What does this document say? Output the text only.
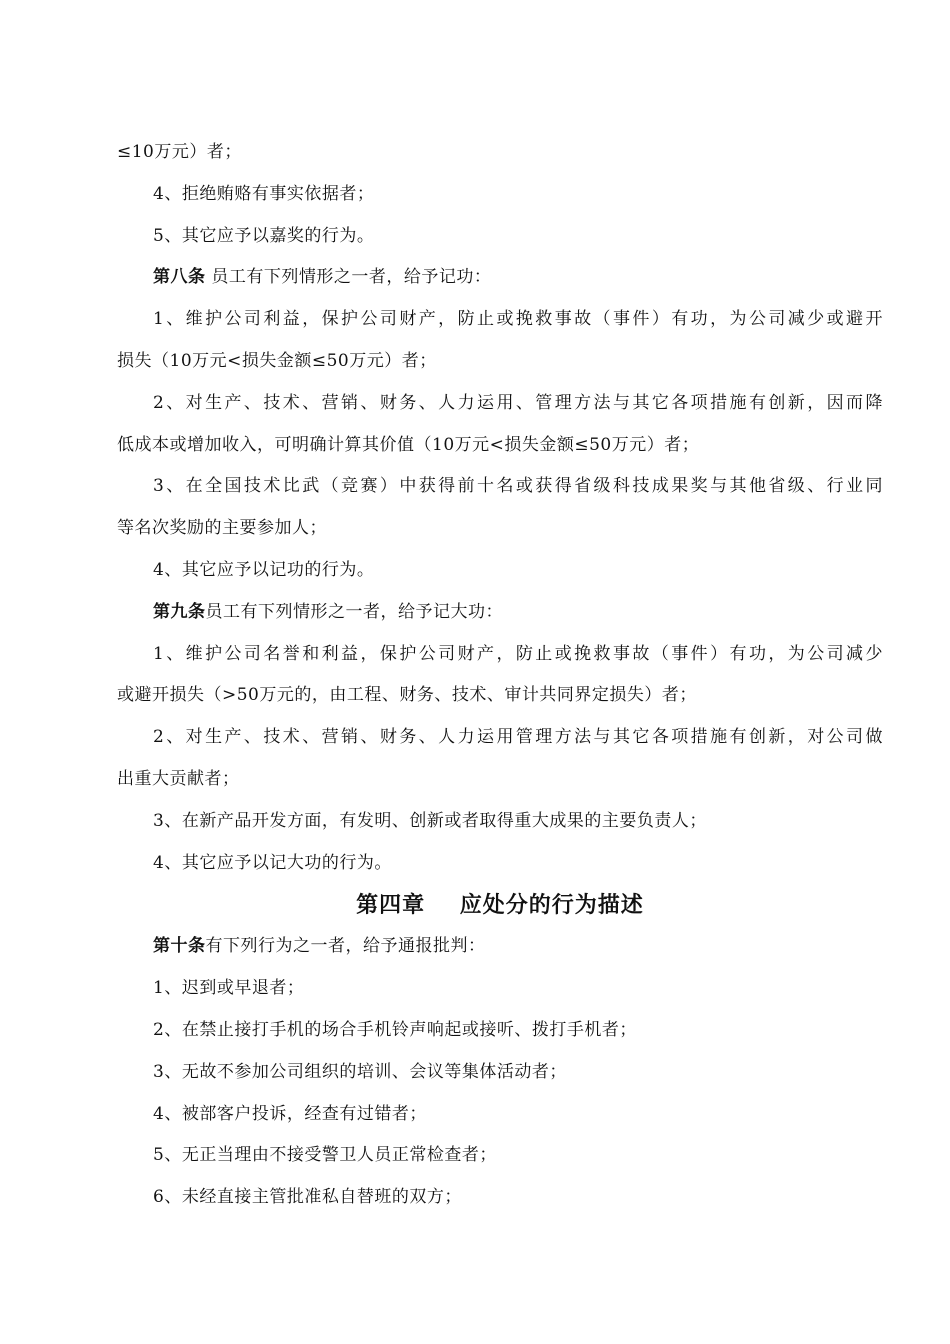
≤10万元）者；
4、拒绝贿赂有事实依据者；
5、其它应予以嘉奖的行为。
第八条 员工有下列情形之一者，给予记功：
1、维护公司利益，保护公司财产，防止或挽救事故（事件）有功，为公司减少或避开
损失（10万元<损失金额≤50万元）者；
2、对生产、技术、营销、财务、人力运用、管理方法与其它各项措施有创新，因而降
低成本或增加收入，可明确计算其价值（10万元<损失金额≤50万元）者；
3、在全国技术比武（竞赛）中获得前十名或获得省级科技成果奖与其他省级、行业同
等名次奖励的主要参加人；
4、其它应予以记功的行为。
第九条员工有下列情形之一者，给予记大功：
1、维护公司名誉和利益，保护公司财产，防止或挽救事故（事件）有功，为公司减少
或避开损失（>50万元的，由工程、财务、技术、审计共同界定损失）者；
2、对生产、技术、营销、财务、人力运用管理方法与其它各项措施有创新，对公司做
出重大贡献者；
3、在新产品开发方面，有发明、创新或者取得重大成果的主要负责人；
4、其它应予以记大功的行为。
第四章    应处分的行为描述
第十条有下列行为之一者，给予通报批判：
1、迟到或早退者；
2、在禁止接打手机的场合手机铃声响起或接听、拨打手机者；
3、无故不参加公司组织的培训、会议等集体活动者；
4、被部客户投诉，经查有过错者；
5、无正当理由不接受警卫人员正常检查者；
6、未经直接主管批准私自替班的双方；
